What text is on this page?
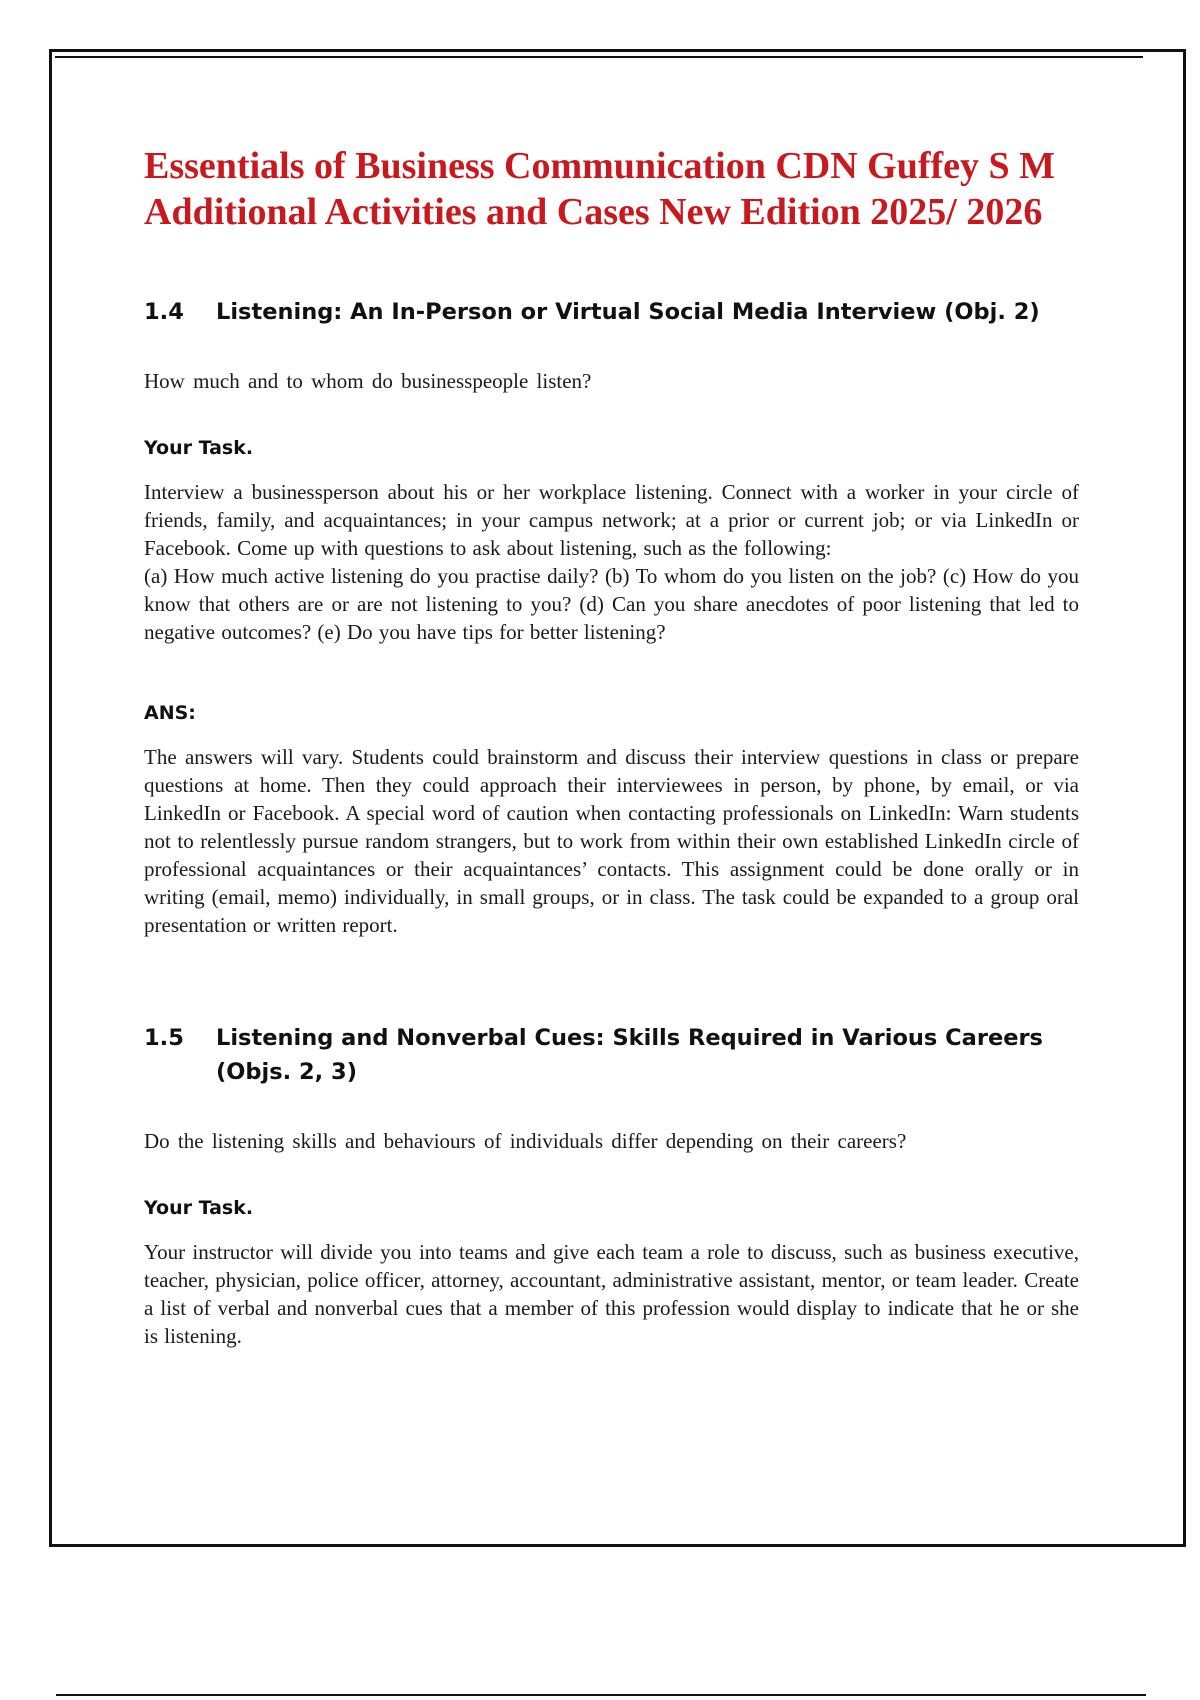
Essentials of Business Communication CDN Guffey S M Additional Activities and Cases New Edition 2025/ 2026
1.4	Listening: An In-Person or Virtual Social Media Interview (Obj. 2)

How much and to whom do businesspeople listen?

Your Task.

Interview a businessperson about his or her workplace listening. Connect with a worker in your circle of friends, family, and acquaintances; in your campus network; at a prior or current job; or via LinkedIn or Facebook. Come up with questions to ask about listening, such as the following:
(a) How much active listening do you practise daily? (b) To whom do you listen on the job? (c) How do you know that others are or are not listening to you? (d) Can you share anecdotes of poor listening that led to negative outcomes? (e) Do you have tips for better listening?

ANS:

The answers will vary. Students could brainstorm and discuss their interview questions in class or prepare questions at home. Then they could approach their interviewees in person, by phone, by email, or via LinkedIn or Facebook. A special word of caution when contacting professionals on LinkedIn: Warn students not to relentlessly pursue random strangers, but to work from within their own established LinkedIn circle of professional acquaintances or their acquaintances’ contacts. This assignment could be done orally or in writing (email, memo) individually, in small groups, or in class. The task could be expanded to a group oral presentation or written report.

1.5	Listening and Nonverbal Cues: Skills Required in Various Careers (Objs. 2, 3)

Do the listening skills and behaviours of individuals differ depending on their careers?

Your Task.

Your instructor will divide you into teams and give each team a role to discuss, such as business executive, teacher, physician, police officer, attorney, accountant, administrative assistant, mentor, or team leader. Create a list of verbal and nonverbal cues that a member of this profession would display to indicate that he or she is listening.
